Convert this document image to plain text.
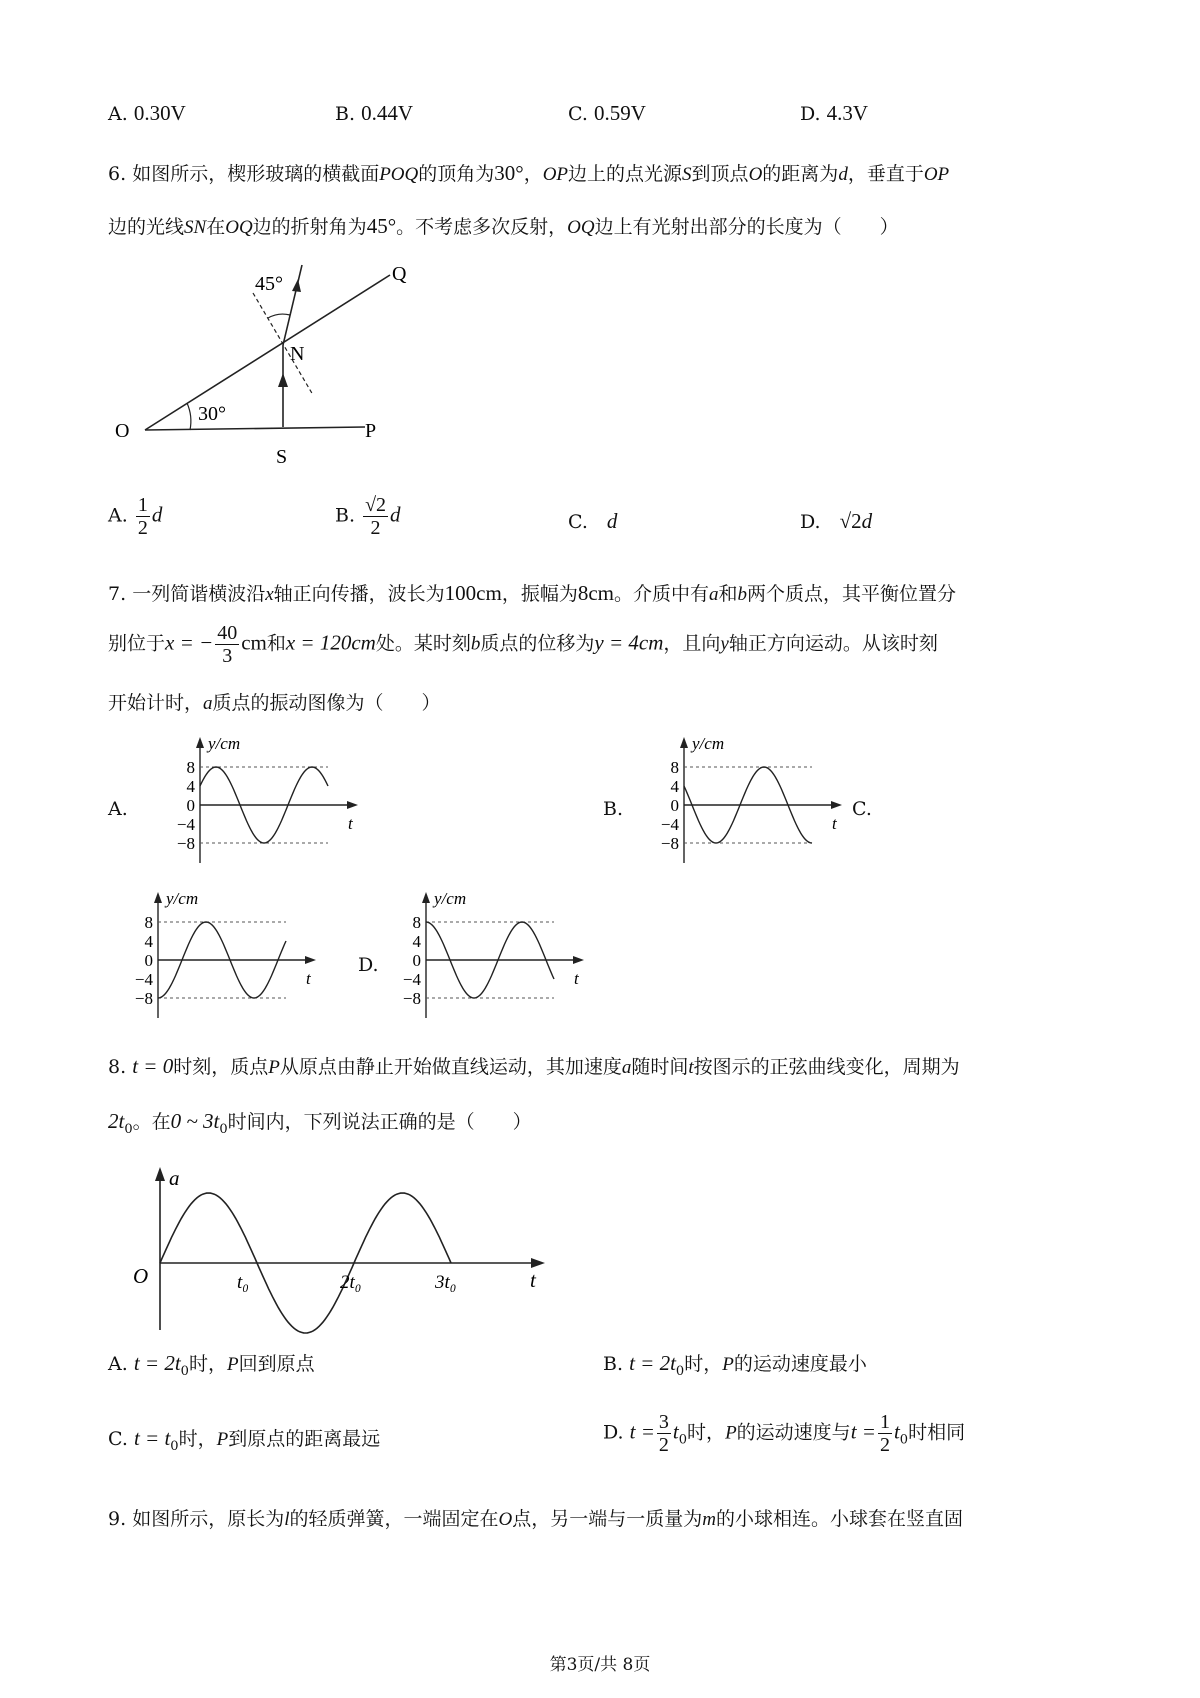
A. 0.30V	B. 0.44V	C. 0.59V	D. 4.3V
6. 如图所示，楔形玻璃的横截面POQ的顶角为30°，OP边上的点光源S到顶点O的距离为d，垂直于OP
边的光线SN在OQ边的折射角为45°。不考虑多次反射，OQ边上有光射出部分的长度为（　　）
45°	Q
N
O	P
S
30°
A. $\frac{1}{2}$ d	B. $\frac{√2}{2}$ d	C.　 d	D.　 √2d
7. 一列简谐横波沿x轴正向传播，波长为100cm，振幅为8cm。介质中有a和b两个质点，其平衡位置分
别位于x = − $\frac{40}{3}$ cm和x = 120cm处。某时刻b质点的位移为y = 4cm，且向y轴正方向运动。从该时刻
开始计时，a质点的振动图像为（　　）
A.	B.	C.
D.
y/cm
t
8
4
0
−4
−8
y/cm
t
8
4
0
−4
−8
y/cm
t
8
4
0
−4
−8
y/cm
t
8
4
0
−4
−8
8. t = 0时刻，质点P从原点由静止开始做直线运动，其加速度a随时间t按图示的正弦曲线变化，周期为
$2t_0$。在0 ~ $3t_0$时间内，下列说法正确的是（　　）
a
O	t
t₀	2t₀	3t₀
A. $t = 2t_0$时，P回到原点	B. $t = 2t_0$时，P的运动速度最小
C. $t = t_0$时，P到原点的距离最远	D. $t = \frac{3}{2} t_0$时，P的运动速度与$t = \frac{1}{2} t_0$时相同
9. 如图所示，原长为l的轻质弹簧，一端固定在O点，另一端与一质量为m的小球相连。小球套在竖直固
第3页/共 8页
